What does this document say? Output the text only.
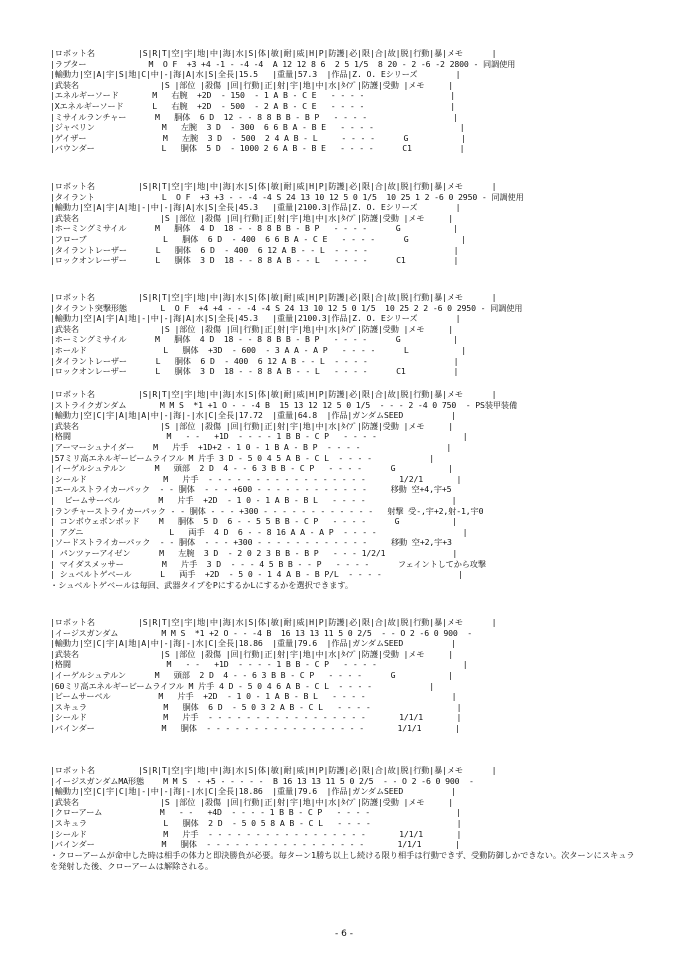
|ロボット名         |S|R|T|空|宇|地|中|海|水|S|体|敏|耐|威|H|P|防護|必|限|合|故|脱|行動|暴|メモ      |
|ラプター             M  O F  +3 +4 -1 - -4 -4  A 12 12 8 6  2 5 1/5  8 20 - 2 -6 -2 2800 - 同調使用
|輸動力|空|A|宇|S|地|C|中|-|海|A|水|S|全長|15.5   |重量|57.3  |作品|Z. O. Eシリーズ        |
|武装名                 |S |部位 |殺傷 |回|行動|正|射|宇|地|中|水|ﾀｲﾌﾟ|防護|受動 |メモ     |
|エネルギーソード       M   右腕  +2D  - 150  - 1 A B - C E   - - - -                  |
|Xエネルギーソード      L   右腕  +2D  - 500  - 2 A B - C E   - - - -                  |
|ミサイルランチャー      M   胴体  6 D  12 - - 8 8 B B - B P   - - - -                  |
|ジャベリン              M   左腕  3 D  - 300  6 6 B A - B E   - - - -                  |
|ゲイザー                M   左腕  3 D  - 500  2 4 A B - L     - - - -      G           |
|バウンダー              L   胴体  5 D  - 1000 2 6 A B - B E   - - - -      C1          |
|ロボット名         |S|R|T|空|宇|地|中|海|水|S|体|敏|耐|威|H|P|防護|必|限|合|故|脱|行動|暴|メモ      |
|タイラント              L  O F  +3 +3 - - -4 -4 S 24 13 10 12 5 0 1/5  10 25 1 2 -6 0 2950 - 同調使用
|輸動力|空|A|宇|A|地|-|中|-|海|A|水|S|全長|45.3   |重量|2100.3|作品|Z. O. Eシリーズ        |
|武装名                 |S |部位 |殺傷 |回|行動|正|射|宇|地|中|水|ﾀｲﾌﾟ|防護|受動 |メモ     |
|ホーミングミサイル      M   胴体  4 D  18 - - 8 8 B B - B P   - - - -      G           |
|フローブ                L   胴体  6 D  - 400  6 6 B A - C E   - - - -      G           |
|タイラントレーザー      L   胴体  6 D  - 400  6 12 A B - - L  - - - -                  |
|ロックオンレーザー      L   胴体  3 D  18 - - 8 8 A B - - L   - - - -      C1          |
|ロボット名         |S|R|T|空|宇|地|中|海|水|S|体|敏|耐|威|H|P|防護|必|限|合|故|脱|行動|暴|メモ      |
|タイラント突撃形態       L  O F  +4 +4 - - -4 -4 S 24 13 10 12 5 0 1/5  10 25 2 2 -6 0 2950 - 同調使用
|輸動力|空|A|宇|A|地|-|中|-|海|A|水|S|全長|45.3   |重量|2100.3|作品|Z. O. Eシリーズ        |
|武装名                 |S |部位 |殺傷 |回|行動|正|射|宇|地|中|水|ﾀｲﾌﾟ|防護|受動 |メモ     |
|ホーミングミサイル      M   胴体  4 D  18 - - 8 8 B B - B P   - - - -      G           |
|ホールド                L   胴体  +3D  - 600  - 3 A A - A P   - - - -      L           |
|タイラントレーザー      L   胴体  6 D  - 400  6 12 A B - - L  - - - -                  |
|ロックオンレーザー      L   胴体  3 D  18 - - 8 8 A B - - L   - - - -      C1          |
|ロボット名         |S|R|T|空|宇|地|中|海|水|S|体|敏|耐|威|H|P|防護|必|限|合|故|脱|行動|暴|メモ      |
|ストライクガンダム       M M S  *1 +1 O - - -4 B  15 13 12 12 5 0 1/5  - - - 2 -4 0 750  - PS装甲装備
|輸動力|空|C|宇|A|地|A|中|-|海|-|水|C|全長|17.72  |重量|64.8  |作品|ガンダムSEED          |
|武装名                 |S |部位 |殺傷 |回|行動|正|射|宇|地|中|水|ﾀｲﾌﾟ|防護|受動 |メモ     |
|格闘                    M   - -   +1D  - - - - 1 B B - C P   - - - -                  |
|アーマーシュナイダー    M   片手  +1D+2 - 1 0 - 1 B A - B P  - - - -                  |
|57ミリ高エネルギービームライフル M 片手 3 D - 5 0 4 5 A B - C L  - - - -            |
|イーゲルシュテルン      M   頭部  2 D  4 - - 6 3 B B - C P   - - - -      G           |
|シールド                M   片手  - - - - - - - - - - - - - - - - -       1/2/1       |
|エールストライカーパック  - - 胴体  - - - +600 - - - - - - - - - - - -     移動 空+4,宇+5
|  ビームサーベル        M   片手  +2D  - 1 0 - 1 A B - B L   - - - -                  |
|ランチャーストライカーパック - - 胴体 - - - +300 - - - - - - - - - - - -   射撃 受-,宇+2,射-1,宇0
| コンボウェポンポッド    M   胴体  5 D  6 - - 5 5 B B - C P   - - - -      G           |
| アグニ                  L   両手  4 D  6 - - 8 16 A A - A P  - - - -                  |
|ソードストライカーパック  - - 胴体  - - - +300 - - - - - - - - - - - -     移動 空+2,宇+3
| パンツァーアイゼン      M   左腕  3 D  - 2 0 2 3 B B - B P   - - - 1/2/1              |
| マイダスメッサー        M   片手  3 D  - - - 4 5 B B - - P   - - - -      フェイントしてから攻撃
| シュベルトゲベール      L   両手  +2D  - 5 0 - 1 4 A B - B P/L  - - - -                |
・シュベルトゲベールは毎回、武器タイプをPにするかLにするかを選択できます。
|ロボット名         |S|R|T|空|宇|地|中|海|水|S|体|敏|耐|威|H|P|防護|必|限|合|故|脱|行動|暴|メモ      |
|イージスガンダム         M M S  *1 +2 O - - -4 B  16 13 13 11 5 0 2/5  - - O 2 -6 0 900  -
|輸動力|空|C|宇|A|地|A|中|-|海|-|水|C|全長|18.86  |重量|79.6  |作品|ガンダムSEED          |
|武装名                 |S |部位 |殺傷 |回|行動|正|射|宇|地|中|水|ﾀｲﾌﾟ|防護|受動 |メモ     |
|格闘                    M   - -   +1D  - - - - 1 B B - C P   - - - -                  |
|イーゲルシュテルン      M   頭部  2 D  4 - - 6 3 B B - C P   - - - -      G           |
|60ミリ高エネルギービームライフル M 片手 4 D - 5 0 4 6 A B - C L  - - - -            |
|ビームサーベル          M   片手  +2D  - 1 0 - 1 A B - B L   - - - -                  |
|スキュラ                M   胴体  6 D  - 5 0 3 2 A B - C L   - - - -                  |
|シールド                M   片手  - - - - - - - - - - - - - - - - -       1/1/1       |
|バインダー              M   胴体  - - - - - - - - - - - - - - - - -       1/1/1       |
|ロボット名         |S|R|T|空|宇|地|中|海|水|S|体|敏|耐|威|H|P|防護|必|限|合|故|脱|行動|暴|メモ      |
|イージスガンダムMA形態    M M S  - +5 - - - - -  B 16 13 13 11 5 0 2/5  - - O 2 -6 0 900  -
|輸動力|空|C|宇|C|地|-|中|-|海|-|水|C|全長|18.86  |重量|79.6  |作品|ガンダムSEED          |
|武装名                 |S |部位 |殺傷 |回|行動|正|射|宇|地|中|水|ﾀｲﾌﾟ|防護|受動 |メモ     |
|クローアーム            M   - -   +4D  - - - - 1 B B - C P   - - - -                  |
|スキュラ                L   胴体  2 D  - 5 0 5 8 A B - C L   - - - -                  |
|シールド                M   片手  - - - - - - - - - - - - - - - - -       1/1/1       |
|バインダー              M   胴体  - - - - - - - - - - - - - - - - -       1/1/1       |
・クローアームが命中した時は相手の体力と即決勝負が必要。毎ターン1勝ち以上し続ける限り相手は行動できず、受動防御しかできない。次ターンにスキュラを発射した後、クローアームは解除される。
- 6 -
